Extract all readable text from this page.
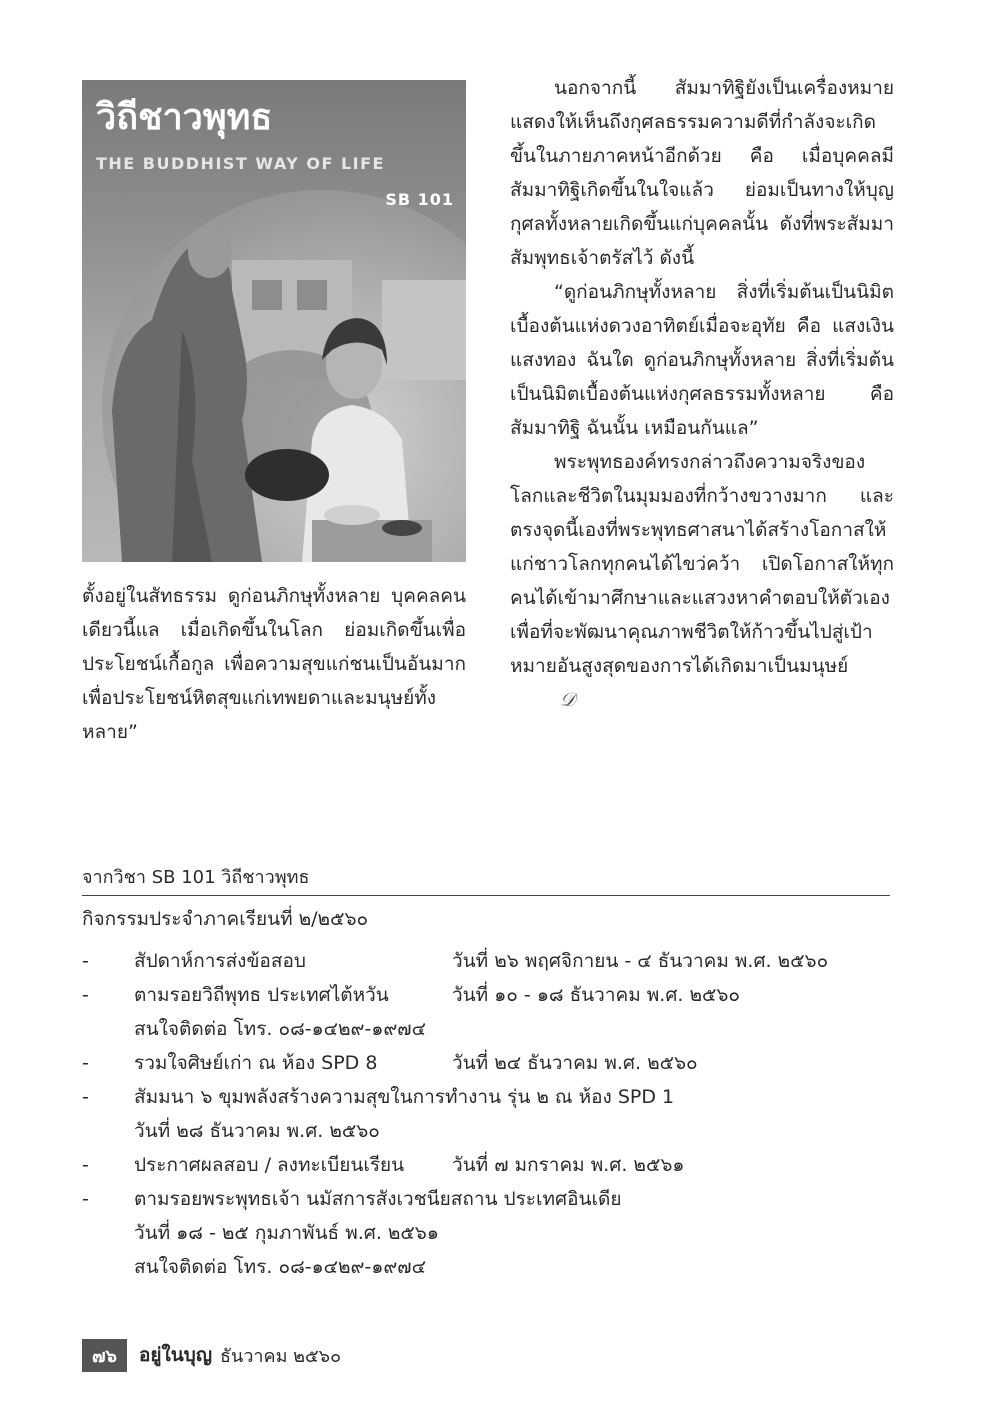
วิถีชาวพุทธ
THE BUDDHIST WAY OF LIFE
SB 101

ตั้งอยู่ในสัทธรรม ดูก่อนภิกษุทั้งหลาย บุคคลคนเดียวนี้แล เมื่อเกิดขึ้นในโลก ย่อมเกิดขึ้นเพื่อประโยชน์เกื้อกูล เพื่อความสุขแก่ชนเป็นอันมาก เพื่อประโยชน์หิตสุขแก่เทพยดาและมนุษย์ทั้งหลาย”

นอกจากนี้ สัมมาทิฐิยังเป็นเครื่องหมายแสดงให้เห็นถึงกุศลธรรมความดีที่กำลังจะเกิดขึ้นในภายภาคหน้าอีกด้วย คือ เมื่อบุคคลมีสัมมาทิฐิเกิดขึ้นในใจแล้ว ย่อมเป็นทางให้บุญกุศลทั้งหลายเกิดขึ้นแก่บุคคลนั้น ดังที่พระสัมมาสัมพุทธเจ้าตรัสไว้ ดังนี้

“ดูก่อนภิกษุทั้งหลาย สิ่งที่เริ่มต้นเป็นนิมิตเบื้องต้นแห่งดวงอาทิตย์เมื่อจะอุทัย คือ แสงเงินแสงทอง ฉันใด ดูก่อนภิกษุทั้งหลาย สิ่งที่เริ่มต้นเป็นนิมิตเบื้องต้นแห่งกุศลธรรมทั้งหลาย คือ สัมมาทิฐิ ฉันนั้น เหมือนกันแล”

พระพุทธองค์ทรงกล่าวถึงความจริงของโลกและชีวิตในมุมมองที่กว้างขวางมาก และตรงจุดนี้เองที่พระพุทธศาสนาได้สร้างโอกาสให้แก่ชาวโลกทุกคนได้ไขว่คว้า เปิดโอกาสให้ทุกคนได้เข้ามาศึกษาและแสวงหาคำตอบให้ตัวเอง เพื่อที่จะพัฒนาคุณภาพชีวิตให้ก้าวขึ้นไปสู่เป้าหมายอันสูงสุดของการได้เกิดมาเป็นมนุษย์𝒟

จากวิชา SB 101 วิถีชาวพุทธ
กิจกรรมประจำภาคเรียนที่ ๒/๒๕๖๐
-	สัปดาห์การส่งข้อสอบ	วันที่ ๒๖ พฤศจิกายน - ๔ ธันวาคม พ.ศ. ๒๕๖๐
-	ตามรอยวิถีพุทธ ประเทศไต้หวัน	วันที่ ๑๐ - ๑๘ ธันวาคม พ.ศ. ๒๕๖๐
สนใจติดต่อ โทร. ๐๘-๑๔๒๙-๑๙๗๔
-	รวมใจศิษย์เก่า ณ ห้อง SPD 8	วันที่ ๒๔ ธันวาคม พ.ศ. ๒๕๖๐
-	สัมมนา ๖ ขุมพลังสร้างความสุขในการทำงาน รุ่น ๒ ณ ห้อง SPD 1
วันที่ ๒๘ ธันวาคม พ.ศ. ๒๕๖๐
-	ประกาศผลสอบ / ลงทะเบียนเรียน	วันที่ ๗ มกราคม พ.ศ. ๒๕๖๑
-	ตามรอยพระพุทธเจ้า นมัสการสังเวชนียสถาน ประเทศอินเดีย
วันที่ ๑๘ - ๒๕ กุมภาพันธ์ พ.ศ. ๒๕๖๑
สนใจติดต่อ โทร. ๐๘-๑๔๒๙-๑๙๗๔
๗๖	อยู่ในบุญ ธันวาคม ๒๕๖๐
